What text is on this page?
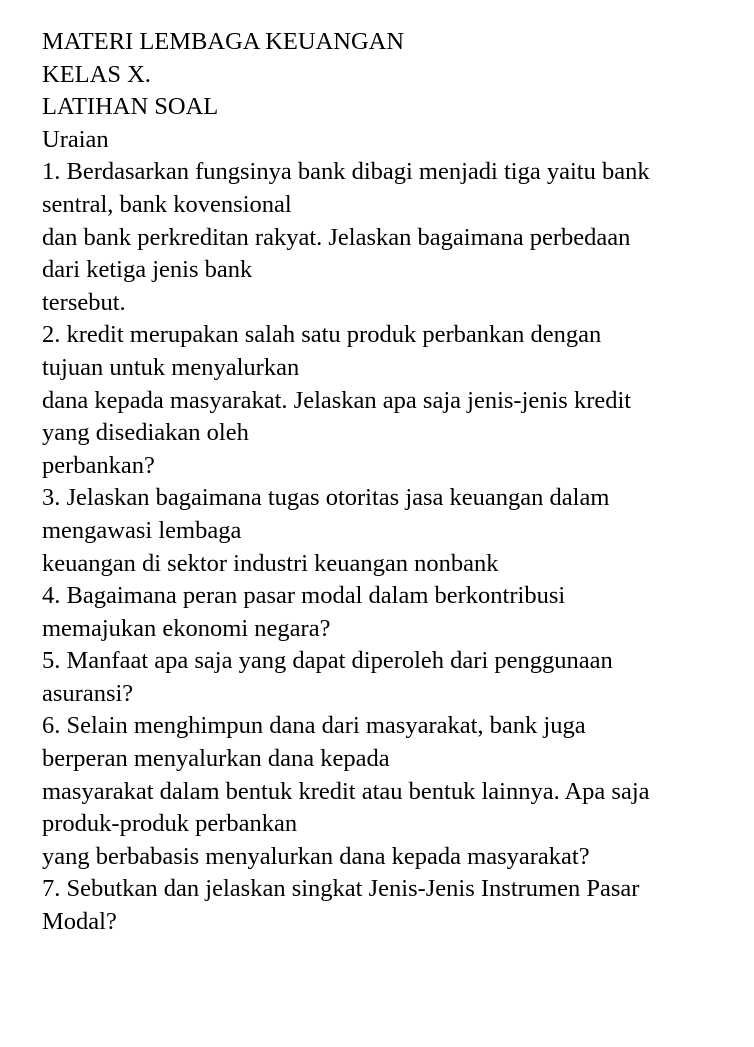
MATERI LEMBAGA KEUANGAN
KELAS X.
LATIHAN SOAL
Uraian
1. Berdasarkan fungsinya bank dibagi menjadi tiga yaitu bank
sentral, bank kovensional
dan bank perkreditan rakyat. Jelaskan bagaimana perbedaan
dari ketiga jenis bank
tersebut.
2. kredit merupakan salah satu produk perbankan dengan
tujuan untuk menyalurkan
dana kepada masyarakat. Jelaskan apa saja jenis-jenis kredit
yang disediakan oleh
perbankan?
3. Jelaskan bagaimana tugas otoritas jasa keuangan dalam
mengawasi lembaga
keuangan di sektor industri keuangan nonbank
4. Bagaimana peran pasar modal dalam berkontribusi
memajukan ekonomi negara?
5. Manfaat apa saja yang dapat diperoleh dari penggunaan
asuransi?
6. Selain menghimpun dana dari masyarakat, bank juga
berperan menyalurkan dana kepada
masyarakat dalam bentuk kredit atau bentuk lainnya. Apa saja
produk-produk perbankan
yang berbabasis menyalurkan dana kepada masyarakat?
7. Sebutkan dan jelaskan singkat Jenis-Jenis Instrumen Pasar
Modal?
